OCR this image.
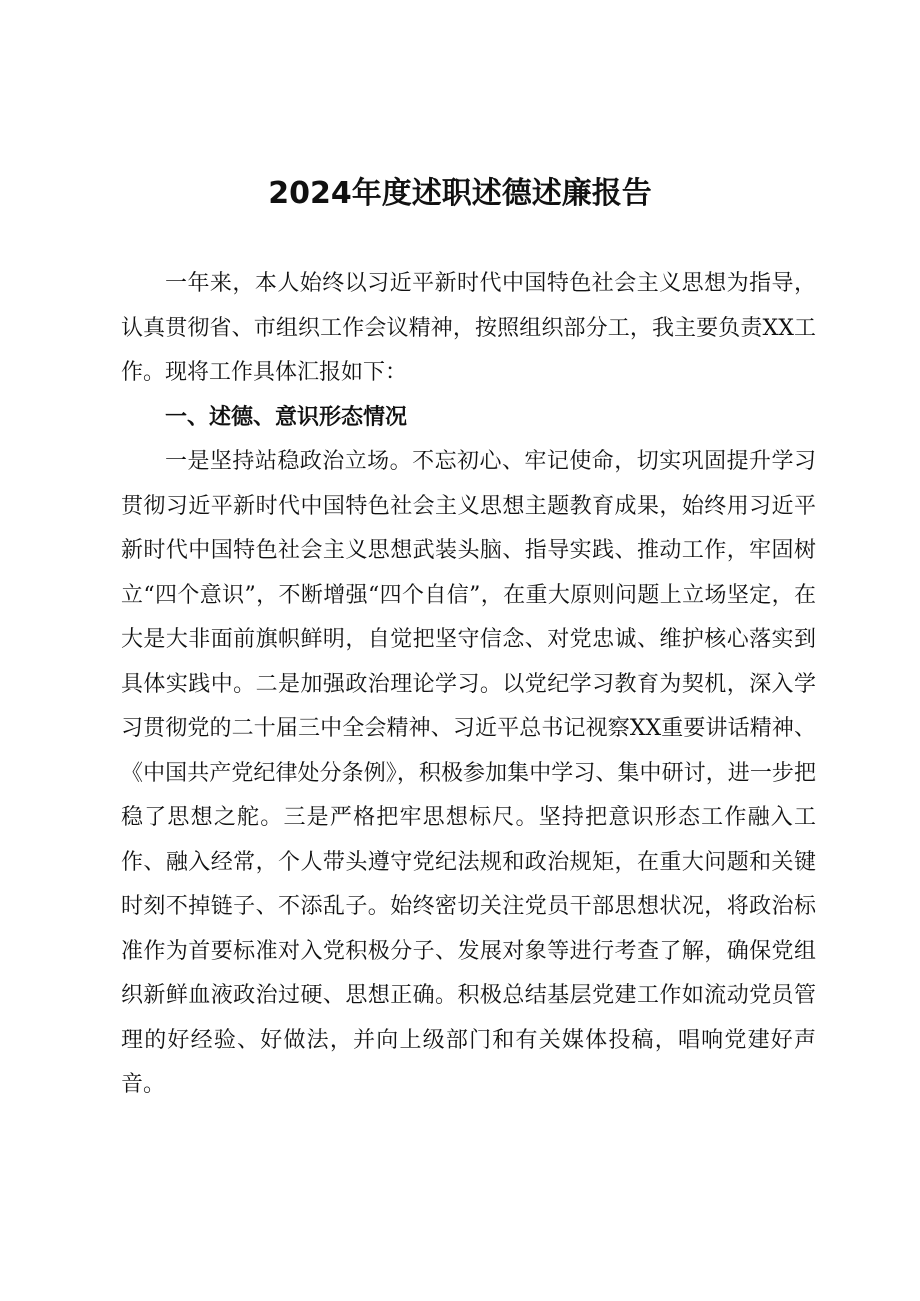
2024年度述职述德述廉报告

一年来，本人始终以习近平新时代中国特色社会主义思想为指导，认真贯彻省、市组织工作会议精神，按照组织部分工，我主要负责XX工作。现将工作具体汇报如下：

一、述德、意识形态情况

一是坚持站稳政治立场。不忘初心、牢记使命，切实巩固提升学习贯彻习近平新时代中国特色社会主义思想主题教育成果，始终用习近平新时代中国特色社会主义思想武装头脑、指导实践、推动工作，牢固树立“四个意识”，不断增强“四个自信”，在重大原则问题上立场坚定，在大是大非面前旗帜鲜明，自觉把坚守信念、对党忠诚、维护核心落实到具体实践中。二是加强政治理论学习。以党纪学习教育为契机，深入学习贯彻党的二十届三中全会精神、习近平总书记视察XX重要讲话精神、《中国共产党纪律处分条例》，积极参加集中学习、集中研讨，进一步把稳了思想之舵。三是严格把牢思想标尺。坚持把意识形态工作融入工作、融入经常，个人带头遵守党纪法规和政治规矩，在重大问题和关键时刻不掉链子、不添乱子。始终密切关注党员干部思想状况，将政治标准作为首要标准对入党积极分子、发展对象等进行考查了解，确保党组织新鲜血液政治过硬、思想正确。积极总结基层党建工作如流动党员管理的好经验、好做法，并向上级部门和有关媒体投稿，唱响党建好声音。
